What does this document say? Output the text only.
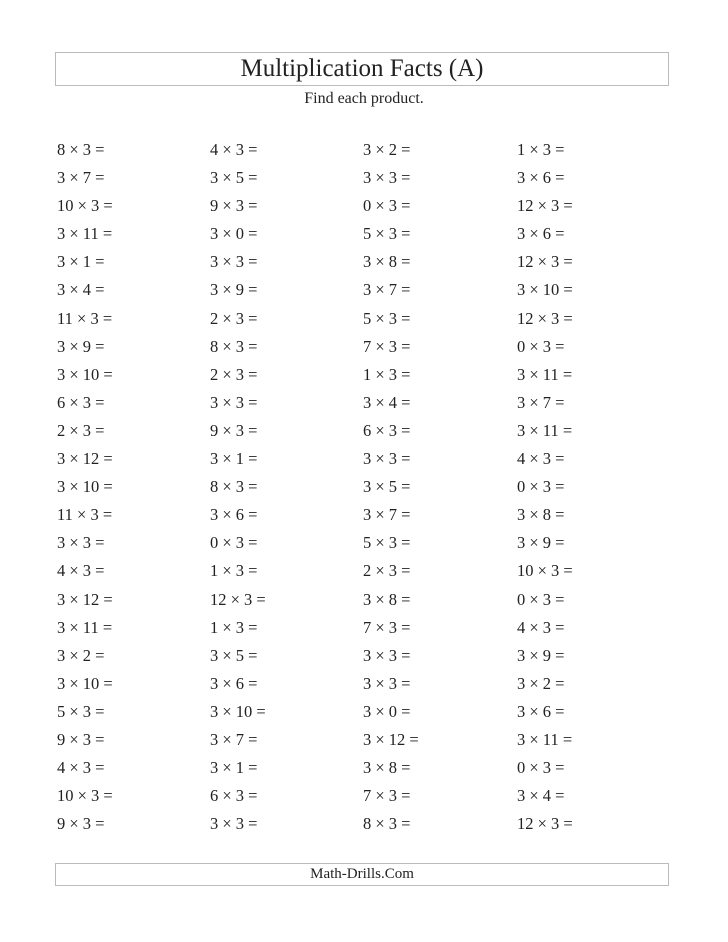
Multiplication Facts (A)
Find each product.
8 × 3 =
3 × 7 =
10 × 3 =
3 × 11 =
3 × 1 =
3 × 4 =
11 × 3 =
3 × 9 =
3 × 10 =
6 × 3 =
2 × 3 =
3 × 12 =
3 × 10 =
11 × 3 =
3 × 3 =
4 × 3 =
3 × 12 =
3 × 11 =
3 × 2 =
3 × 10 =
5 × 3 =
9 × 3 =
4 × 3 =
10 × 3 =
9 × 3 =
4 × 3 =
3 × 5 =
9 × 3 =
3 × 0 =
3 × 3 =
3 × 9 =
2 × 3 =
8 × 3 =
2 × 3 =
3 × 3 =
9 × 3 =
3 × 1 =
8 × 3 =
3 × 6 =
0 × 3 =
1 × 3 =
12 × 3 =
1 × 3 =
3 × 5 =
3 × 6 =
3 × 10 =
3 × 7 =
3 × 1 =
6 × 3 =
3 × 3 =
3 × 2 =
3 × 3 =
0 × 3 =
5 × 3 =
3 × 8 =
3 × 7 =
5 × 3 =
7 × 3 =
1 × 3 =
3 × 4 =
6 × 3 =
3 × 3 =
3 × 5 =
3 × 7 =
5 × 3 =
2 × 3 =
3 × 8 =
7 × 3 =
3 × 3 =
3 × 3 =
3 × 0 =
3 × 12 =
3 × 8 =
7 × 3 =
8 × 3 =
1 × 3 =
3 × 6 =
12 × 3 =
3 × 6 =
12 × 3 =
3 × 10 =
12 × 3 =
0 × 3 =
3 × 11 =
3 × 7 =
3 × 11 =
4 × 3 =
0 × 3 =
3 × 8 =
3 × 9 =
10 × 3 =
0 × 3 =
4 × 3 =
3 × 9 =
3 × 2 =
3 × 6 =
3 × 11 =
0 × 3 =
3 × 4 =
12 × 3 =
Math-Drills.Com
